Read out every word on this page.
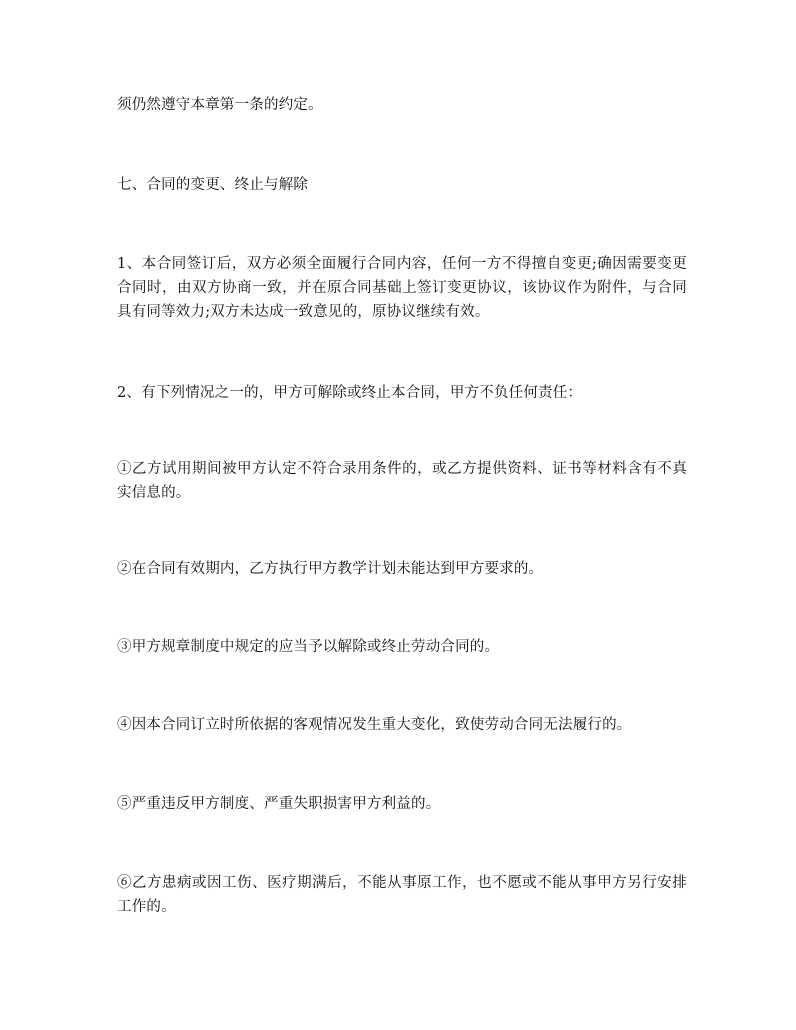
须仍然遵守本章第一条的约定。

七、合同的变更、终止与解除

1、本合同签订后，双方必须全面履行合同内容，任何一方不得擅自变更;确因需要变更合同时，由双方协商一致，并在原合同基础上签订变更协议，该协议作为附件，与合同具有同等效力;双方未达成一致意见的，原协议继续有效。

2、有下列情况之一的，甲方可解除或终止本合同，甲方不负任何责任：

①乙方试用期间被甲方认定不符合录用条件的，或乙方提供资料、证书等材料含有不真实信息的。

②在合同有效期内，乙方执行甲方教学计划未能达到甲方要求的。

③甲方规章制度中规定的应当予以解除或终止劳动合同的。

④因本合同订立时所依据的客观情况发生重大变化，致使劳动合同无法履行的。

⑤严重违反甲方制度、严重失职损害甲方利益的。

⑥乙方患病或因工伤、医疗期满后，不能从事原工作，也不愿或不能从事甲方另行安排工作的。
